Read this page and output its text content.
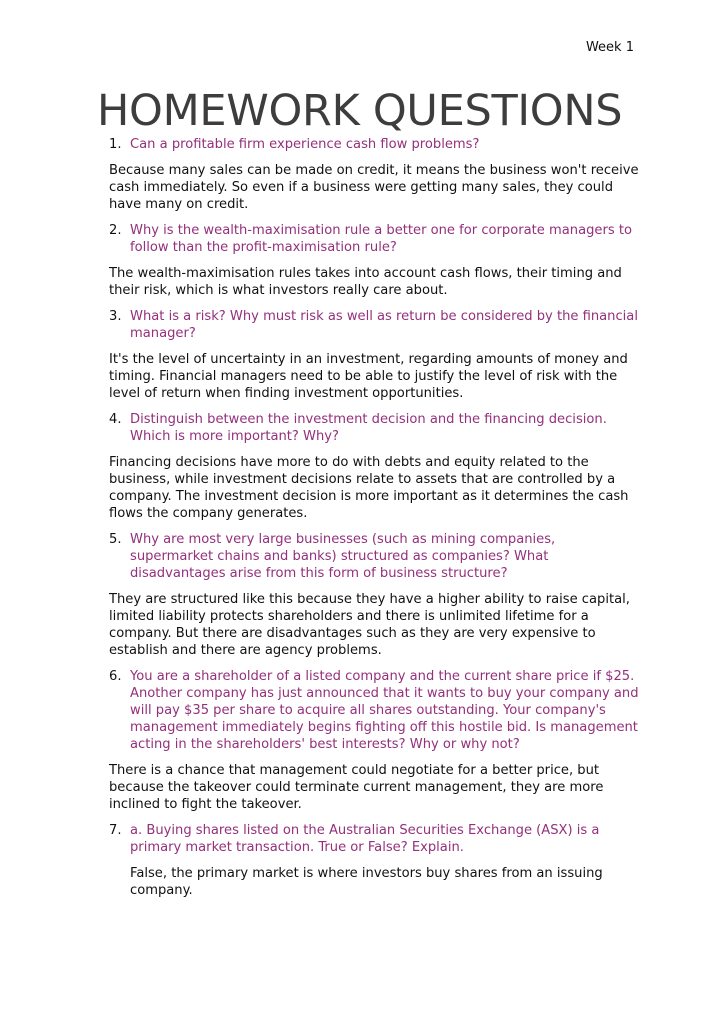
Week 1
HOMEWORK QUESTIONS
1. Can a profitable firm experience cash flow problems?
Because many sales can be made on credit, it means the business won't receive cash immediately. So even if a business were getting many sales, they could have many on credit.
2. Why is the wealth-maximisation rule a better one for corporate managers to follow than the profit-maximisation rule?
The wealth-maximisation rules takes into account cash flows, their timing and their risk, which is what investors really care about.
3. What is a risk? Why must risk as well as return be considered by the financial manager?
It's the level of uncertainty in an investment, regarding amounts of money and timing. Financial managers need to be able to justify the level of risk with the level of return when finding investment opportunities.
4. Distinguish between the investment decision and the financing decision. Which is more important? Why?
Financing decisions have more to do with debts and equity related to the business, while investment decisions relate to assets that are controlled by a company. The investment decision is more important as it determines the cash flows the company generates.
5. Why are most very large businesses (such as mining companies, supermarket chains and banks) structured as companies? What disadvantages arise from this form of business structure?
They are structured like this because they have a higher ability to raise capital, limited liability protects shareholders and there is unlimited lifetime for a company. But there are disadvantages such as they are very expensive to establish and there are agency problems.
6. You are a shareholder of a listed company and the current share price if $25. Another company has just announced that it wants to buy your company and will pay $35 per share to acquire all shares outstanding. Your company's management immediately begins fighting off this hostile bid. Is management acting in the shareholders' best interests? Why or why not?
There is a chance that management could negotiate for a better price, but because the takeover could terminate current management, they are more inclined to fight the takeover.
7. a. Buying shares listed on the Australian Securities Exchange (ASX) is a primary market transaction. True or False? Explain.
False, the primary market is where investors buy shares from an issuing company.
